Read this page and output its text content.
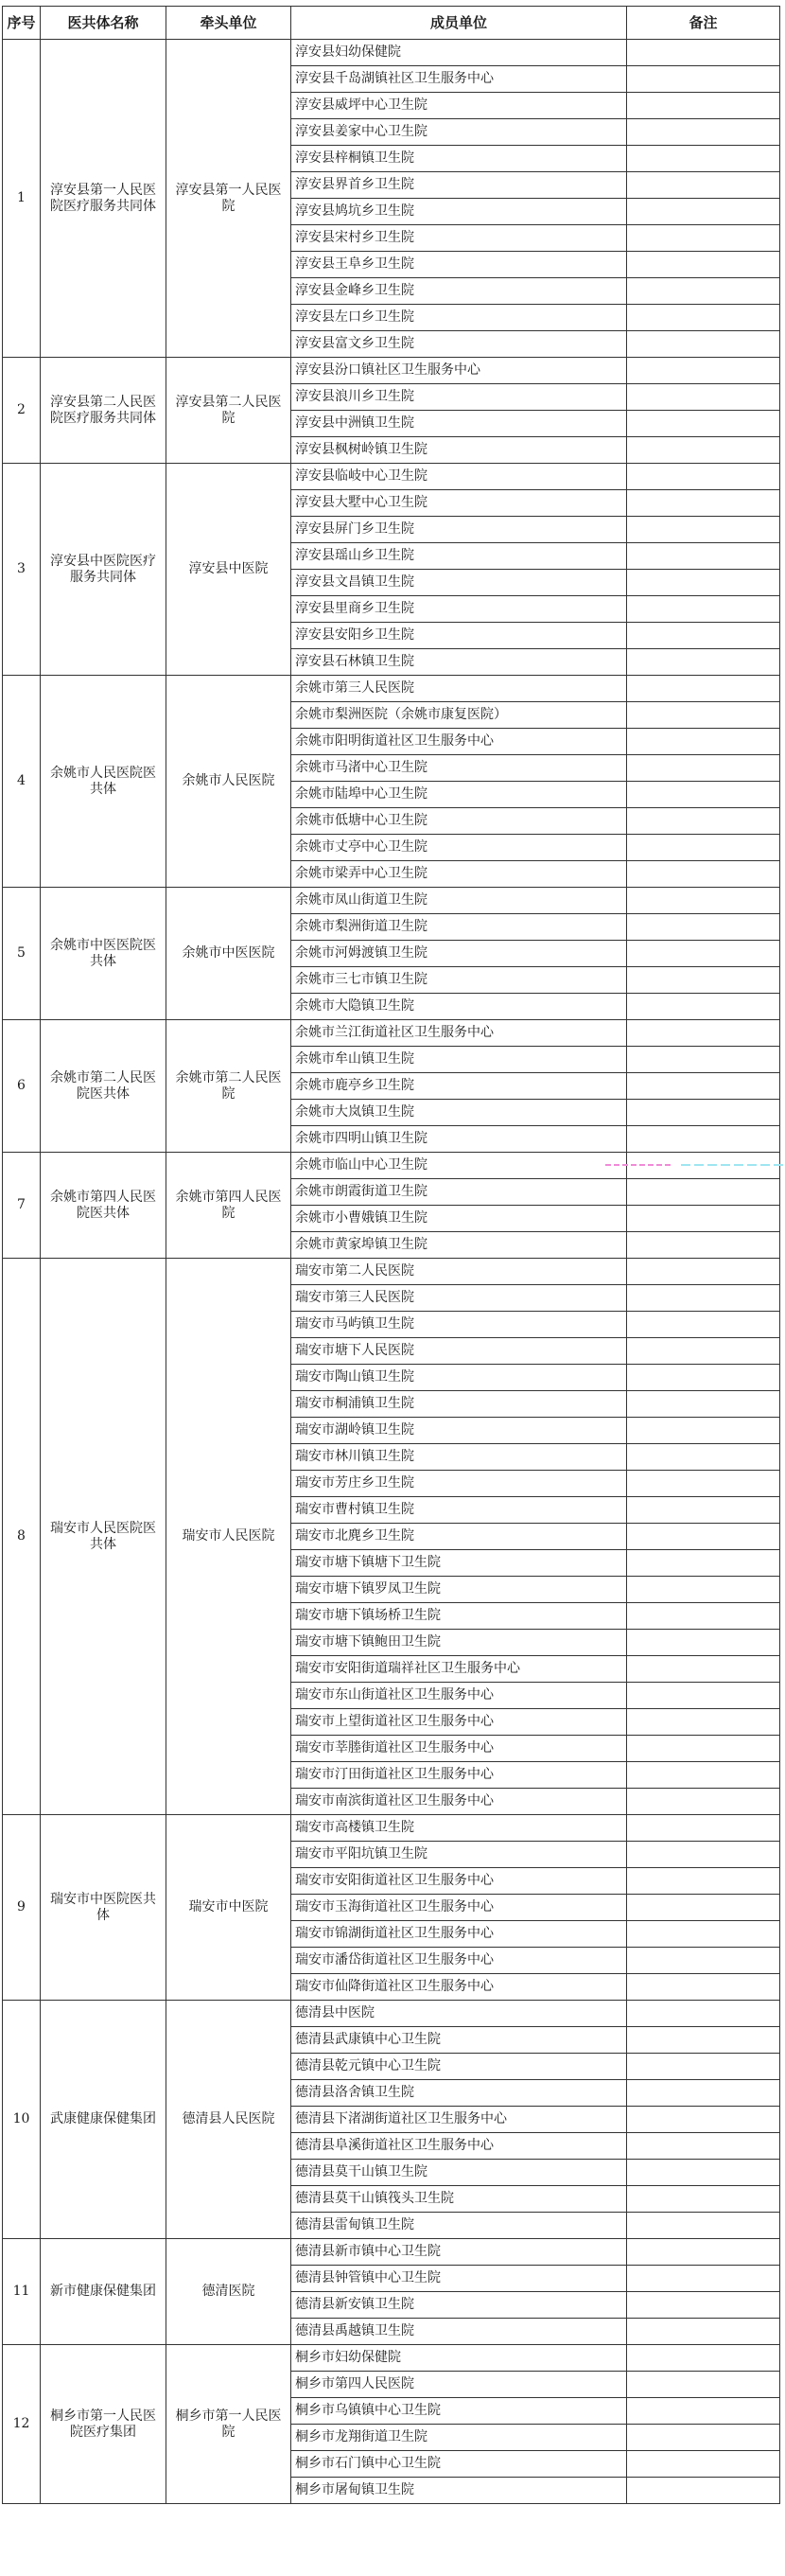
序号	医共体名称	牵头单位	成员单位	备注
1	淳安县第一人民医院医疗服务共同体	淳安县第一人民医院	淳安县妇幼保健院	
			淳安县千岛湖镇社区卫生服务中心	
			淳安县威坪中心卫生院	
			淳安县姜家中心卫生院	
			淳安县梓桐镇卫生院	
			淳安县界首乡卫生院	
			淳安县鸠坑乡卫生院	
			淳安县宋村乡卫生院	
			淳安县王阜乡卫生院	
			淳安县金峰乡卫生院	
			淳安县左口乡卫生院	
			淳安县富文乡卫生院	
2	淳安县第二人民医院医疗服务共同体	淳安县第二人民医院	淳安县汾口镇社区卫生服务中心	
			淳安县浪川乡卫生院	
			淳安县中洲镇卫生院	
			淳安县枫树岭镇卫生院	
3	淳安县中医院医疗服务共同体	淳安县中医院	淳安县临岐中心卫生院	
			淳安县大墅中心卫生院	
			淳安县屏门乡卫生院	
			淳安县瑶山乡卫生院	
			淳安县文昌镇卫生院	
			淳安县里商乡卫生院	
			淳安县安阳乡卫生院	
			淳安县石林镇卫生院	
4	余姚市人民医院医共体	余姚市人民医院	余姚市第三人民医院	
			余姚市梨洲医院（余姚市康复医院）	
			余姚市阳明街道社区卫生服务中心	
			余姚市马渚中心卫生院	
			余姚市陆埠中心卫生院	
			余姚市低塘中心卫生院	
			余姚市丈亭中心卫生院	
			余姚市梁弄中心卫生院	
5	余姚市中医医院医共体	余姚市中医医院	余姚市凤山街道卫生院	
			余姚市梨洲街道卫生院	
			余姚市河姆渡镇卫生院	
			余姚市三七市镇卫生院	
			余姚市大隐镇卫生院	
6	余姚市第二人民医院医共体	余姚市第二人民医院	余姚市兰江街道社区卫生服务中心	
			余姚市牟山镇卫生院	
			余姚市鹿亭乡卫生院	
			余姚市大岚镇卫生院	
			余姚市四明山镇卫生院	
7	余姚市第四人民医院医共体	余姚市第四人民医院	余姚市临山中心卫生院	
			余姚市朗霞街道卫生院	
			余姚市小曹娥镇卫生院	
			余姚市黄家埠镇卫生院	
8	瑞安市人民医院医共体	瑞安市人民医院	瑞安市第二人民医院	
			瑞安市第三人民医院	
			瑞安市马屿镇卫生院	
			瑞安市塘下人民医院	
			瑞安市陶山镇卫生院	
			瑞安市桐浦镇卫生院	
			瑞安市湖岭镇卫生院	
			瑞安市林川镇卫生院	
			瑞安市芳庄乡卫生院	
			瑞安市曹村镇卫生院	
			瑞安市北麂乡卫生院	
			瑞安市塘下镇塘下卫生院	
			瑞安市塘下镇罗凤卫生院	
			瑞安市塘下镇场桥卫生院	
			瑞安市塘下镇鲍田卫生院	
			瑞安市安阳街道瑞祥社区卫生服务中心	
			瑞安市东山街道社区卫生服务中心	
			瑞安市上望街道社区卫生服务中心	
			瑞安市莘塍街道社区卫生服务中心	
			瑞安市汀田街道社区卫生服务中心	
			瑞安市南滨街道社区卫生服务中心	
9	瑞安市中医院医共体	瑞安市中医院	瑞安市高楼镇卫生院	
			瑞安市平阳坑镇卫生院	
			瑞安市安阳街道社区卫生服务中心	
			瑞安市玉海街道社区卫生服务中心	
			瑞安市锦湖街道社区卫生服务中心	
			瑞安市潘岱街道社区卫生服务中心	
			瑞安市仙降街道社区卫生服务中心	
10	武康健康保健集团	德清县人民医院	德清县中医院	
			德清县武康镇中心卫生院	
			德清县乾元镇中心卫生院	
			德清县洛舍镇卫生院	
			德清县下渚湖街道社区卫生服务中心	
			德清县阜溪街道社区卫生服务中心	
			德清县莫干山镇卫生院	
			德清县莫干山镇筏头卫生院	
			德清县雷甸镇卫生院	
11	新市健康保健集团	德清医院	德清县新市镇中心卫生院	
			德清县钟管镇中心卫生院	
			德清县新安镇卫生院	
			德清县禹越镇卫生院	
12	桐乡市第一人民医院医疗集团	桐乡市第一人民医院	桐乡市妇幼保健院	
			桐乡市第四人民医院	
			桐乡市乌镇镇中心卫生院	
			桐乡市龙翔街道卫生院	
			桐乡市石门镇中心卫生院	
			桐乡市屠甸镇卫生院	
